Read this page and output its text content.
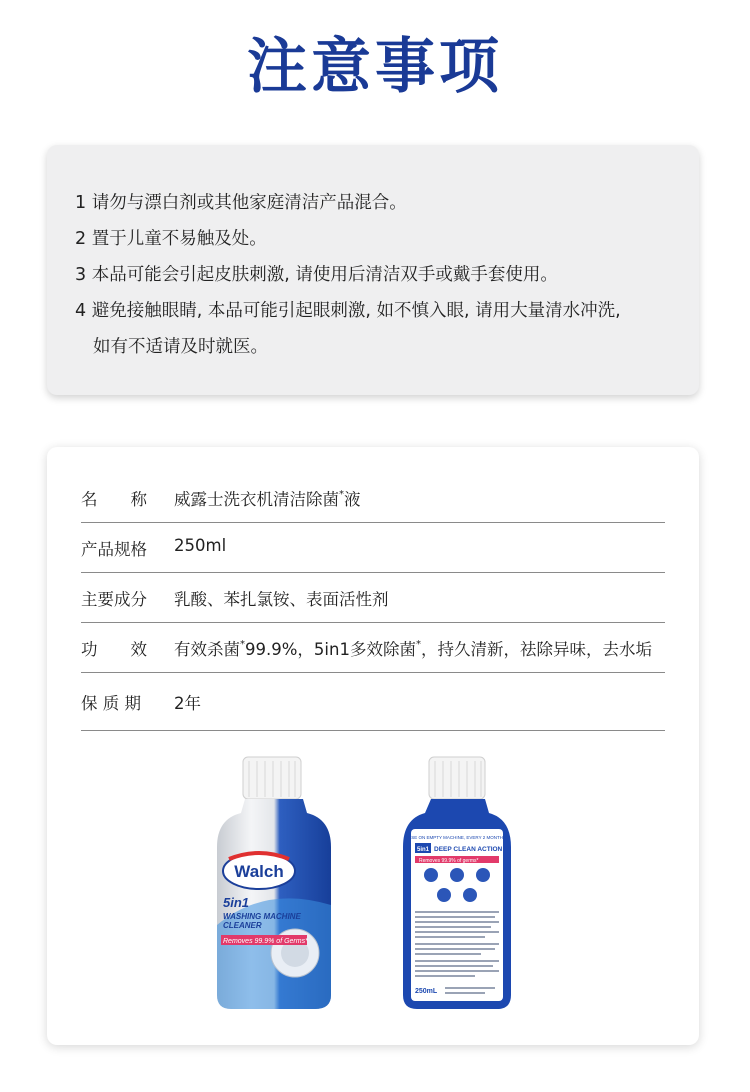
注意事项
1 请勿与漂白剂或其他家庭清洁产品混合。
2 置于儿童不易触及处。
3 本品可能会引起皮肤刺激, 请使用后清洁双手或戴手套使用。
4 避免接触眼睛, 本品可能引起眼刺激, 如不慎入眼, 请用大量清水冲洗,
如有不适请及时就医。
名　　称	威露士洗衣机清洁除菌*液
产品规格	250ml
主要成分	乳酸、苯扎氯铵、表面活性剂
功　　效	有效杀菌*99.9%，5in1多效除菌*，持久清新，祛除异味，去水垢
保 质 期	2年
Walch
5in1
WASHING MACHINE
CLEANER
Removes 99.9% of Germs*
USE ON EMPTY MACHINE, EVERY 2 MONTHS
5in1 DEEP CLEAN ACTION
Removes 99.9% of germs*
250mL
